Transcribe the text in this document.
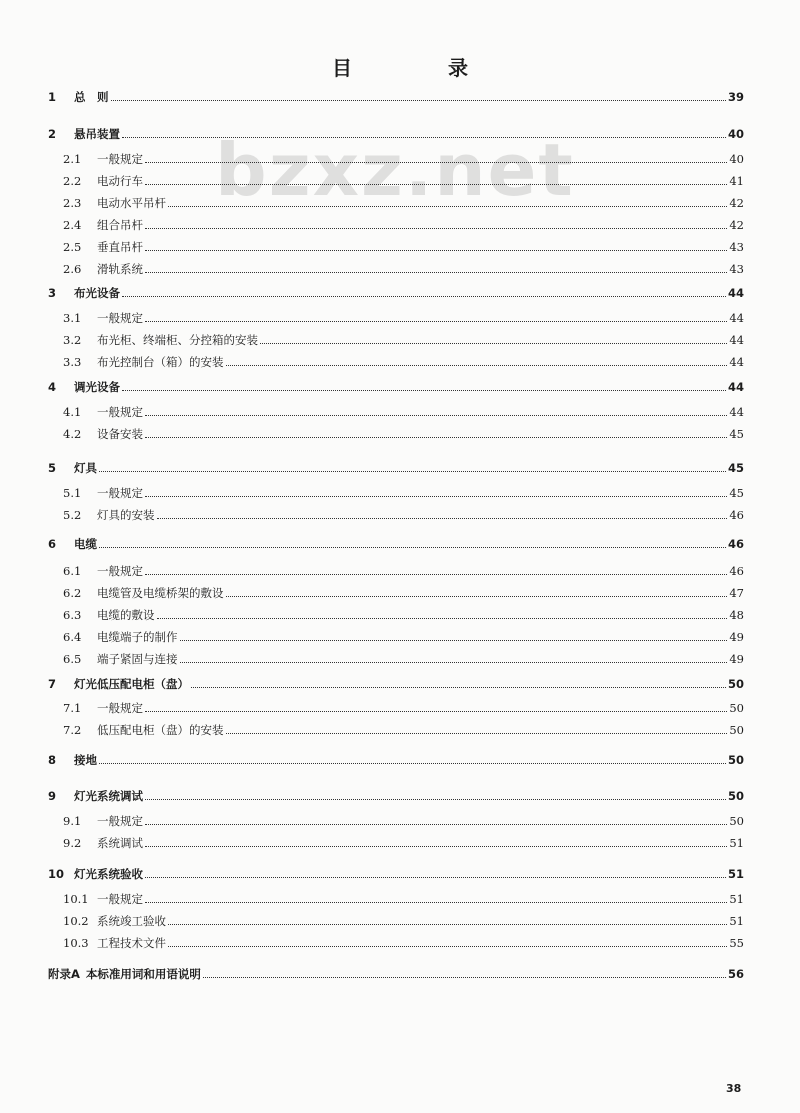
目　录
bzxz.net
1	总　则	39
2	悬吊装置	40
2.1	一般规定	40
2.2	电动行车	41
2.3	电动水平吊杆	42
2.4	组合吊杆	42
2.5	垂直吊杆	43
2.6	滑轨系统	43
3	布光设备	44
3.1	一般规定	44
3.2	布光柜、终端柜、分控箱的安装	44
3.3	布光控制台（箱）的安装	44
4	调光设备	44
4.1	一般规定	44
4.2	设备安装	45
5	灯具	45
5.1	一般规定	45
5.2	灯具的安装	46
6	电缆	46
6.1	一般规定	46
6.2	电缆管及电缆桥架的敷设	47
6.3	电缆的敷设	48
6.4	电缆端子的制作	49
6.5	端子紧固与连接	49
7	灯光低压配电柜（盘）	50
7.1	一般规定	50
7.2	低压配电柜（盘）的安装	50
8	接地	50
9	灯光系统调试	50
9.1	一般规定	50
9.2	系统调试	51
10 灯光系统验收	51
10.1 一般规定	51
10.2 系统竣工验收	51
10.3 工程技术文件	55
附录A 本标准用词和用语说明	56
38
